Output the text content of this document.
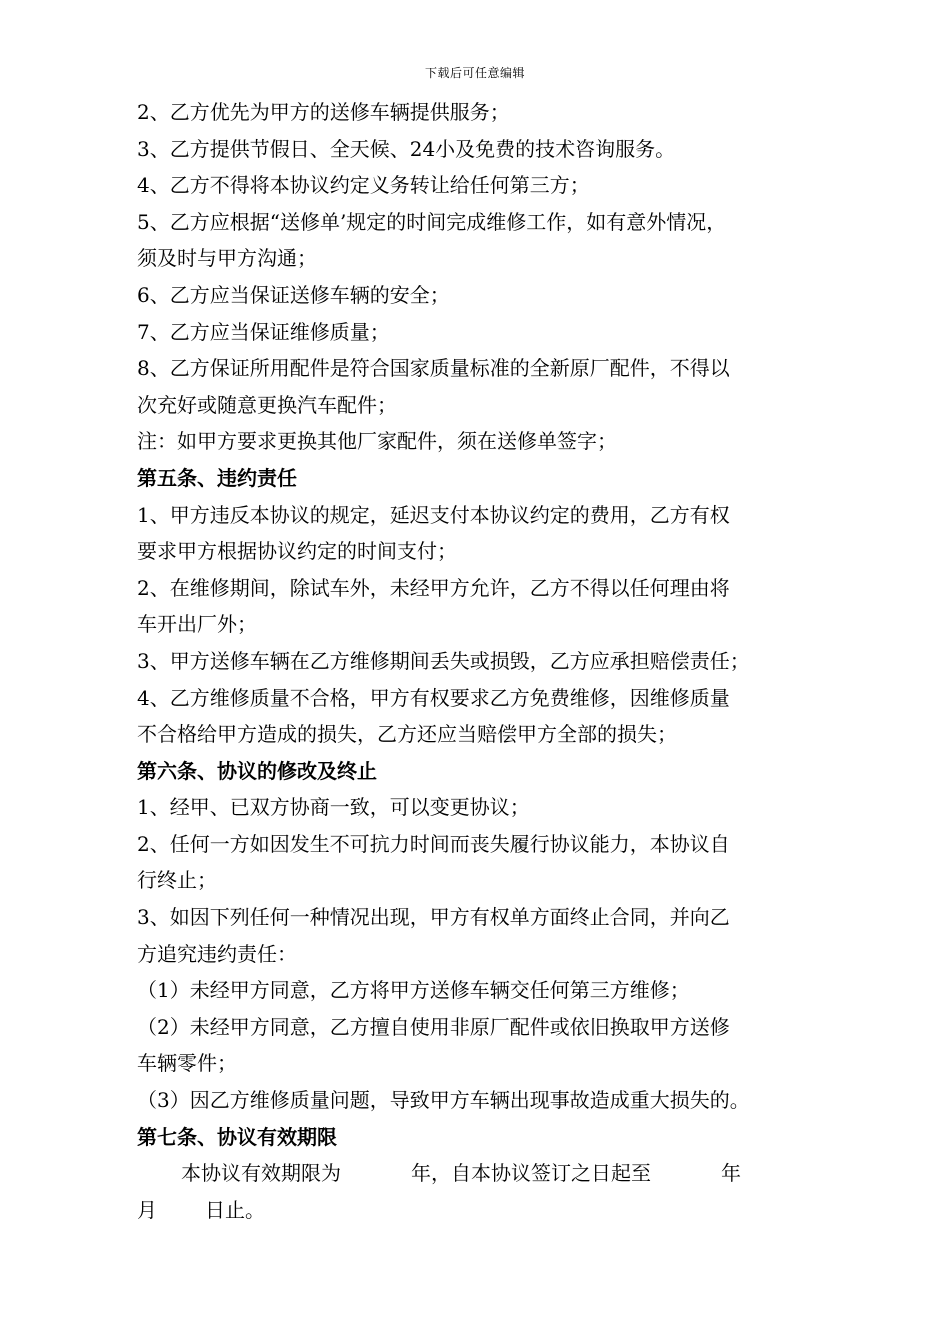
下载后可任意编辑
2、乙方优先为甲方的送修车辆提供服务；
3、乙方提供节假日、全天候、24小及免费的技术咨询服务。
4、乙方不得将本协议约定义务转让给任何第三方；
5、乙方应根据“送修单’规定的时间完成维修工作，如有意外情况，
须及时与甲方沟通；
6、乙方应当保证送修车辆的安全；
7、乙方应当保证维修质量；
8、乙方保证所用配件是符合国家质量标准的全新原厂配件，不得以
次充好或随意更换汽车配件；
注：如甲方要求更换其他厂家配件，须在送修单签字；
第五条、违约责任
1、甲方违反本协议的规定，延迟支付本协议约定的费用，乙方有权
要求甲方根据协议约定的时间支付；
2、在维修期间，除试车外，未经甲方允许，乙方不得以任何理由将
车开出厂外；
3、甲方送修车辆在乙方维修期间丢失或损毁，乙方应承担赔偿责任；
4、乙方维修质量不合格，甲方有权要求乙方免费维修，因维修质量
不合格给甲方造成的损失，乙方还应当赔偿甲方全部的损失；
第六条、协议的修改及终止
1、经甲、已双方协商一致，可以变更协议；
2、任何一方如因发生不可抗力时间而丧失履行协议能力，本协议自
行终止；
3、如因下列任何一种情况出现，甲方有权单方面终止合同，并向乙
方追究违约责任：
（1）未经甲方同意，乙方将甲方送修车辆交任何第三方维修；
（2）未经甲方同意，乙方擅自使用非原厂配件或依旧换取甲方送修
车辆零件；
（3）因乙方维修质量问题，导致甲方车辆出现事故造成重大损失的。
第七条、协议有效期限
本协议有效期限为	年，自本协议签订之日起至	年
月 日止。
